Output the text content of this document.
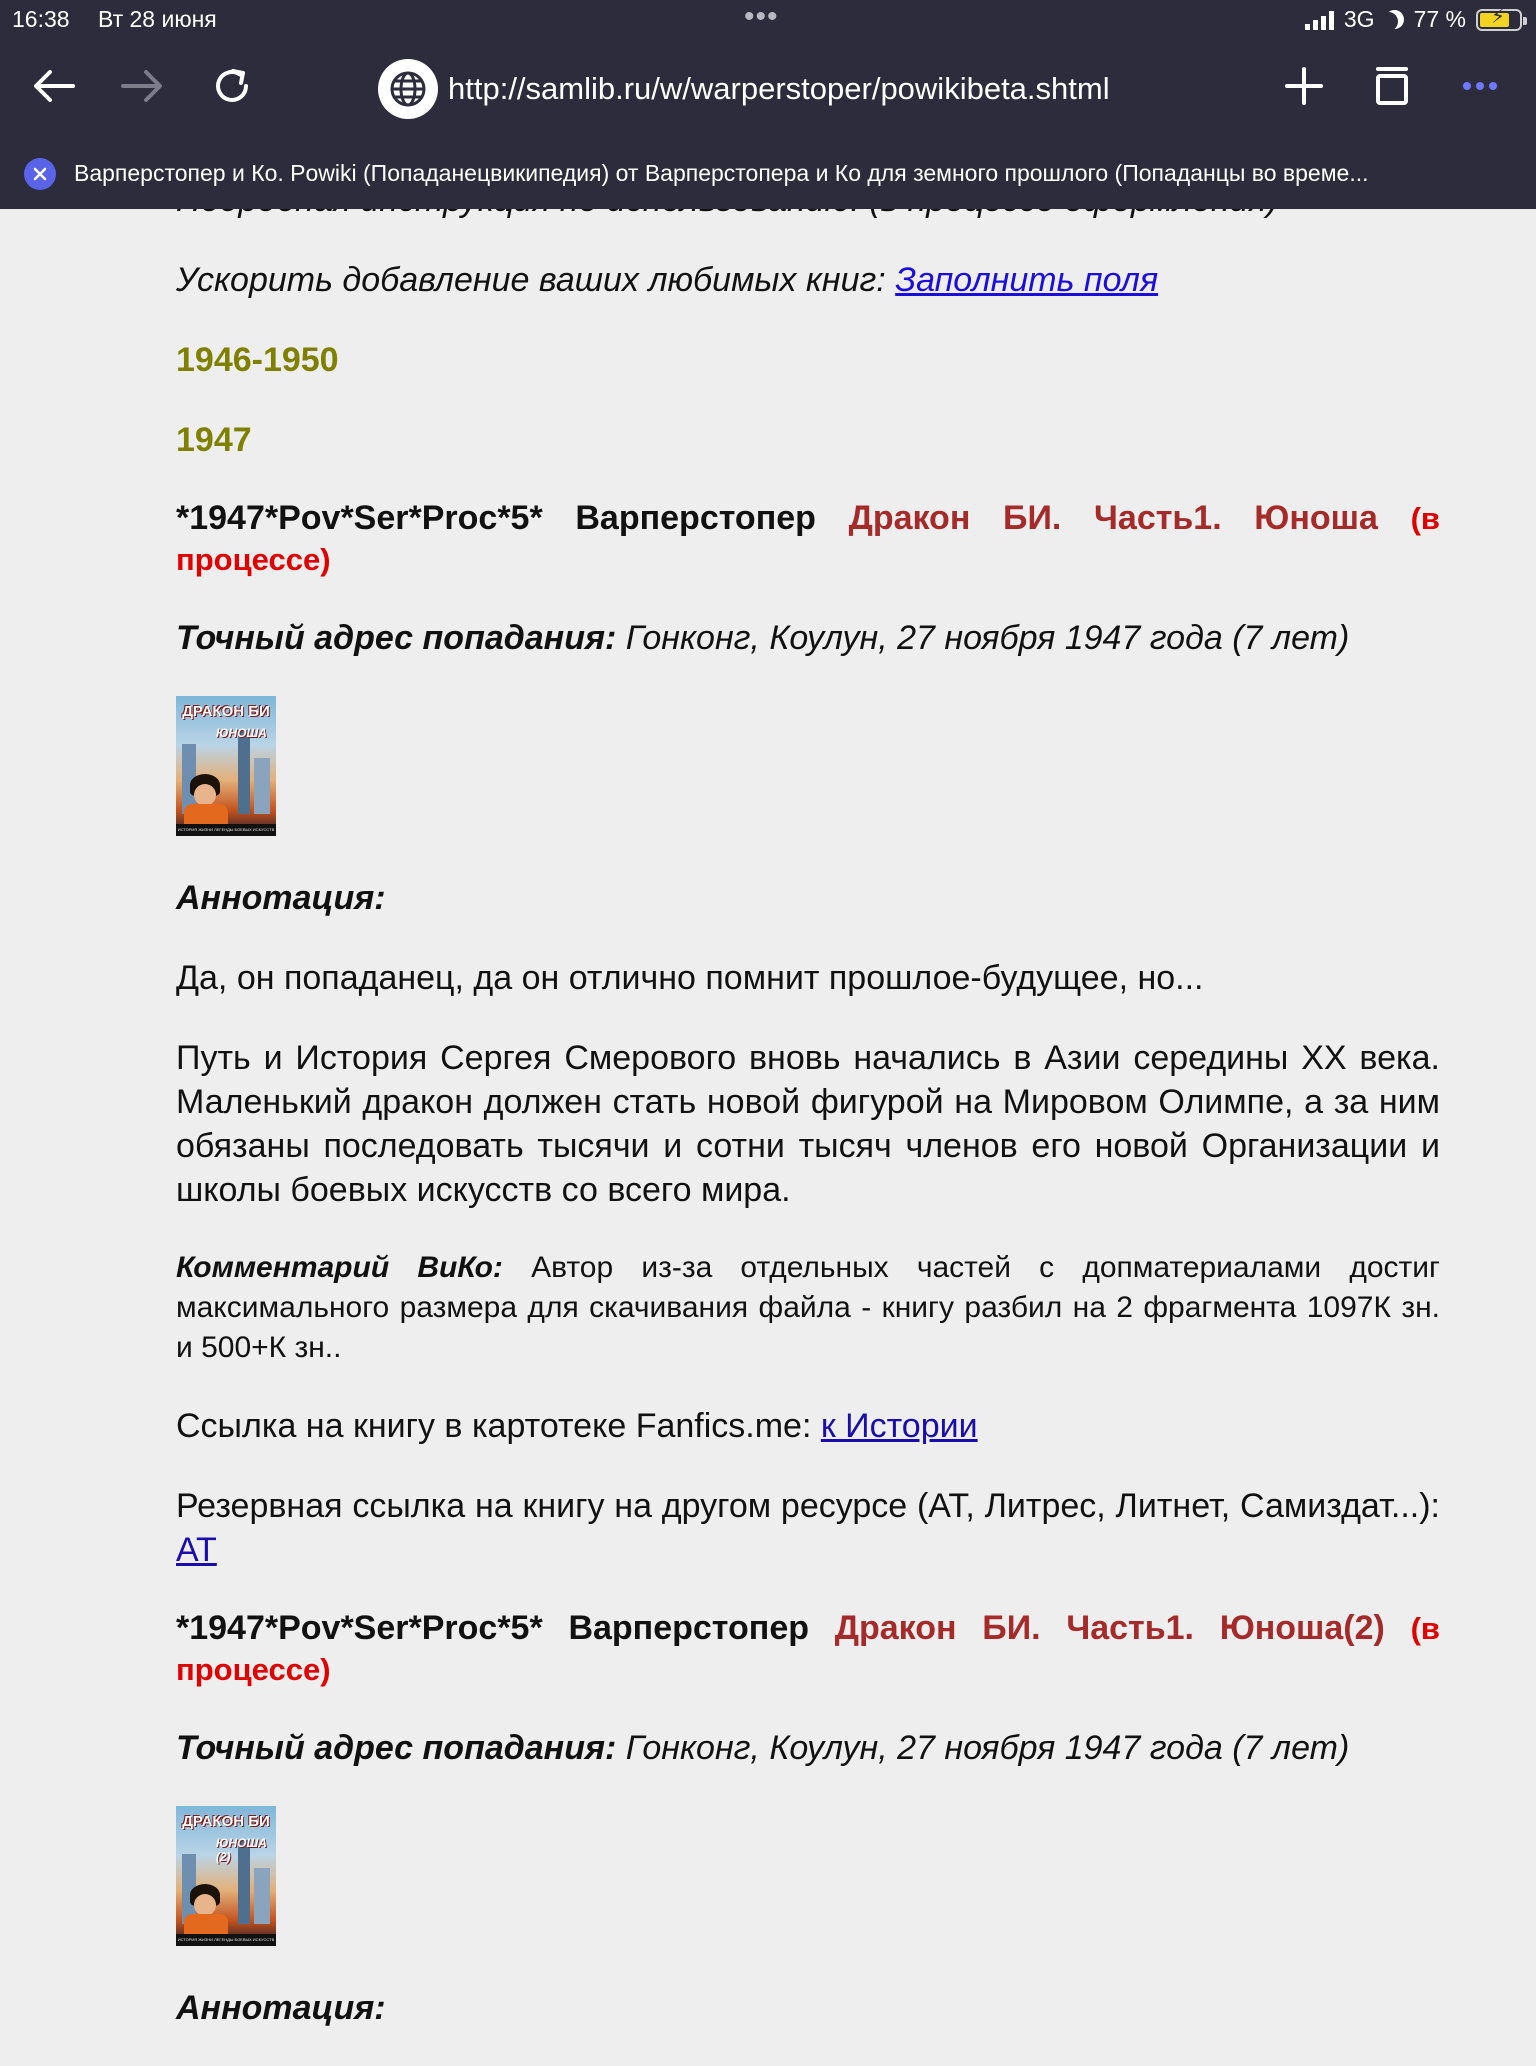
16:38 Вт 28 июня	•••	3G 77 % ⚡
http://samlib.ru/w/warperstoper/powikibeta.shtml
Варперстопер и Ко. Powiki (Попаданецвикипедия) от Варперстопера и Ко для земного прошлого (Попаданцы во време...

Ускорить добавление ваших любимых книг: Заполнить поля

1946-1950

1947

*1947*Pov*Ser*Proc*5* Варперстопер Дракон БИ. Часть1. Юноша (в процессе)

Точный адрес попадания: Гонконг, Коулун, 27 ноября 1947 года (7 лет)

ДРАКОН БИ
ЮНОША
ИСТОРИЯ ЖИЗНИ ЛЕГЕНДЫ БОЕВЫХ ИСКУССТВ

Аннотация:

Да, он попаданец, да он отлично помнит прошлое-будущее, но...

Путь и История Сергея Смерового вновь начались в Азии середины XX века. Маленький дракон должен стать новой фигурой на Мировом Олимпе, а за ним обязаны последовать тысячи и сотни тысяч членов его новой Организации и школы боевых искусств со всего мира.

Комментарий ВиКо: Автор из-за отдельных частей с допматериалами достиг максимального размера для скачивания файла - книгу разбил на 2 фрагмента 1097К зн. и 500+К зн..

Ссылка на книгу в картотеке Fanfics.me: к Истории

Резервная ссылка на книгу на другом ресурсе (АТ, Литрес, Литнет, Самиздат...): АТ

*1947*Pov*Ser*Proc*5* Варперстопер Дракон БИ. Часть1. Юноша(2) (в процессе)

Точный адрес попадания: Гонконг, Коулун, 27 ноября 1947 года (7 лет)

ДРАКОН БИ
ЮНОША (2)
ИСТОРИЯ ЖИЗНИ ЛЕГЕНДЫ БОЕВЫХ ИСКУССТВ

Аннотация:
